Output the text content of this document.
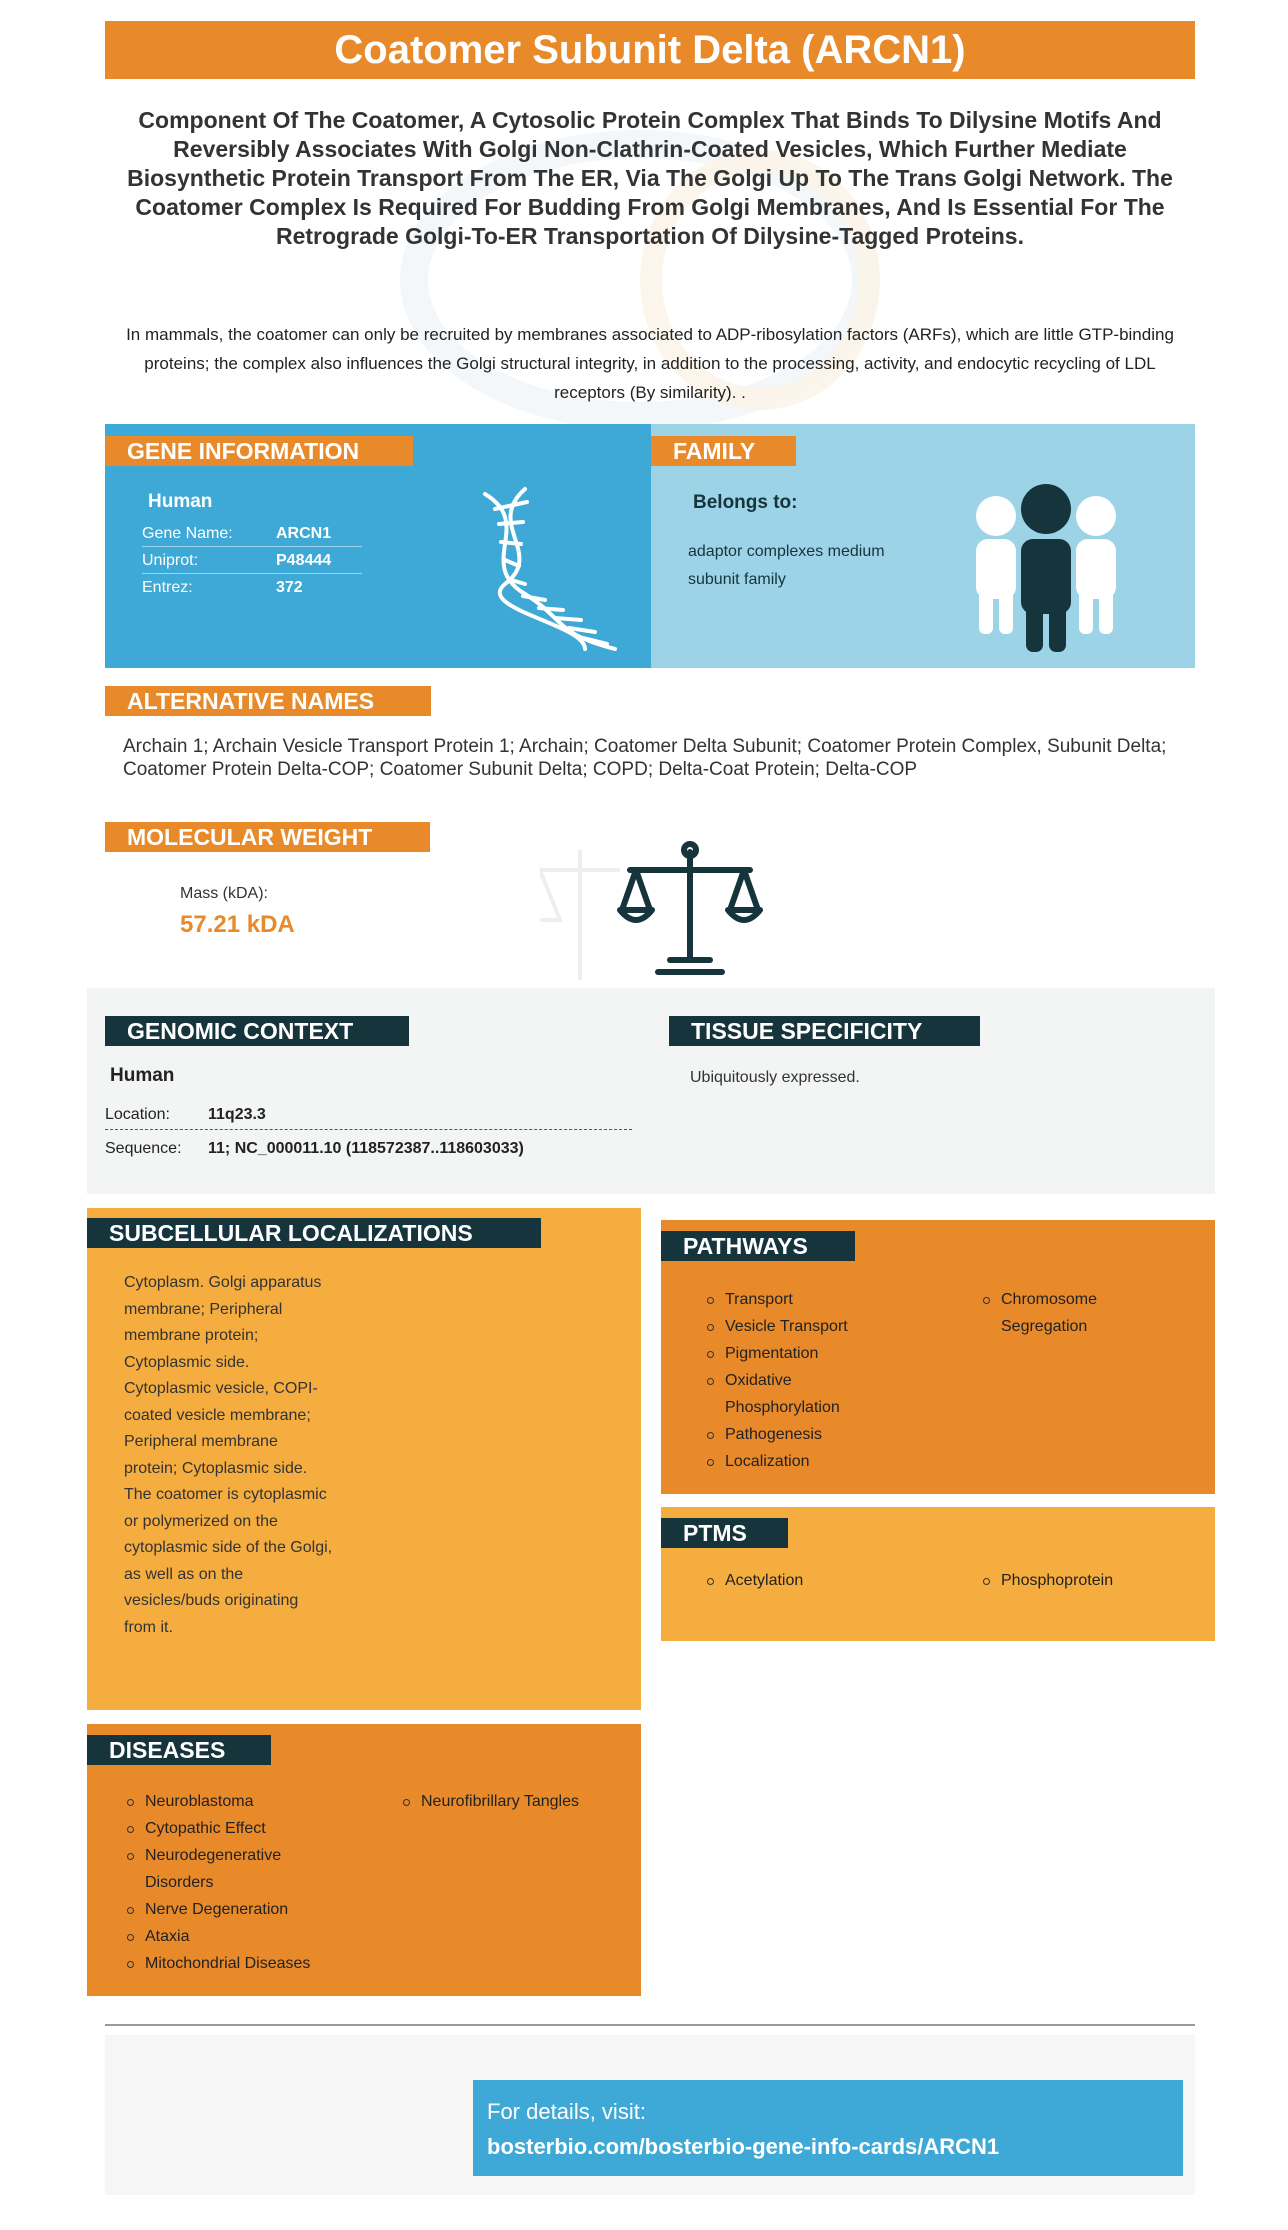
Coatomer Subunit Delta (ARCN1)
Component Of The Coatomer, A Cytosolic Protein Complex That Binds To Dilysine Motifs And Reversibly Associates With Golgi Non-Clathrin-Coated Vesicles, Which Further Mediate Biosynthetic Protein Transport From The ER, Via The Golgi Up To The Trans Golgi Network. The Coatomer Complex Is Required For Budding From Golgi Membranes, And Is Essential For The Retrograde Golgi-To-ER Transportation Of Dilysine-Tagged Proteins.
In mammals, the coatomer can only be recruited by membranes associated to ADP-ribosylation factors (ARFs), which are little GTP-binding proteins; the complex also influences the Golgi structural integrity, in addition to the processing, activity, and endocytic recycling of LDL receptors (By similarity). .
Human
Gene Name:	ARCN1
Uniprot:	P48444
Entrez:	372
GENE INFORMATION
Belongs to:
adaptor complexes medium subunit family
FAMILY
ALTERNATIVE NAMES
Archain 1; Archain Vesicle Transport Protein 1; Archain; Coatomer Delta Subunit; Coatomer Protein Complex, Subunit Delta; Coatomer Protein Delta-COP; Coatomer Subunit Delta; COPD; Delta-Coat Protein; Delta-COP
MOLECULAR WEIGHT
Mass (kDA):
57.21 kDA
GENOMIC CONTEXT
Human
Location:	11q23.3
Sequence:	11; NC_000011.10 (118572387..118603033)
TISSUE SPECIFICITY
Ubiquitously expressed.
Cytoplasm. Golgi apparatus membrane; Peripheral membrane protein; Cytoplasmic side. Cytoplasmic vesicle, COPI-coated vesicle membrane; Peripheral membrane protein; Cytoplasmic side. The coatomer is cytoplasmic or polymerized on the cytoplasmic side of the Golgi, as well as on the vesicles/buds originating from it.
SUBCELLULAR LOCALIZATIONS
Transport
Vesicle Transport
Pigmentation
Oxidative Phosphorylation
Pathogenesis
Localization
Chromosome Segregation
PATHWAYS
Acetylation	Phosphoprotein
PTMS
Neuroblastoma
Cytopathic Effect
Neurodegenerative Disorders
Nerve Degeneration
Ataxia
Mitochondrial Diseases
Neurofibrillary Tangles
DISEASES
For details, visit:
bosterbio.com/bosterbio-gene-info-cards/ARCN1
